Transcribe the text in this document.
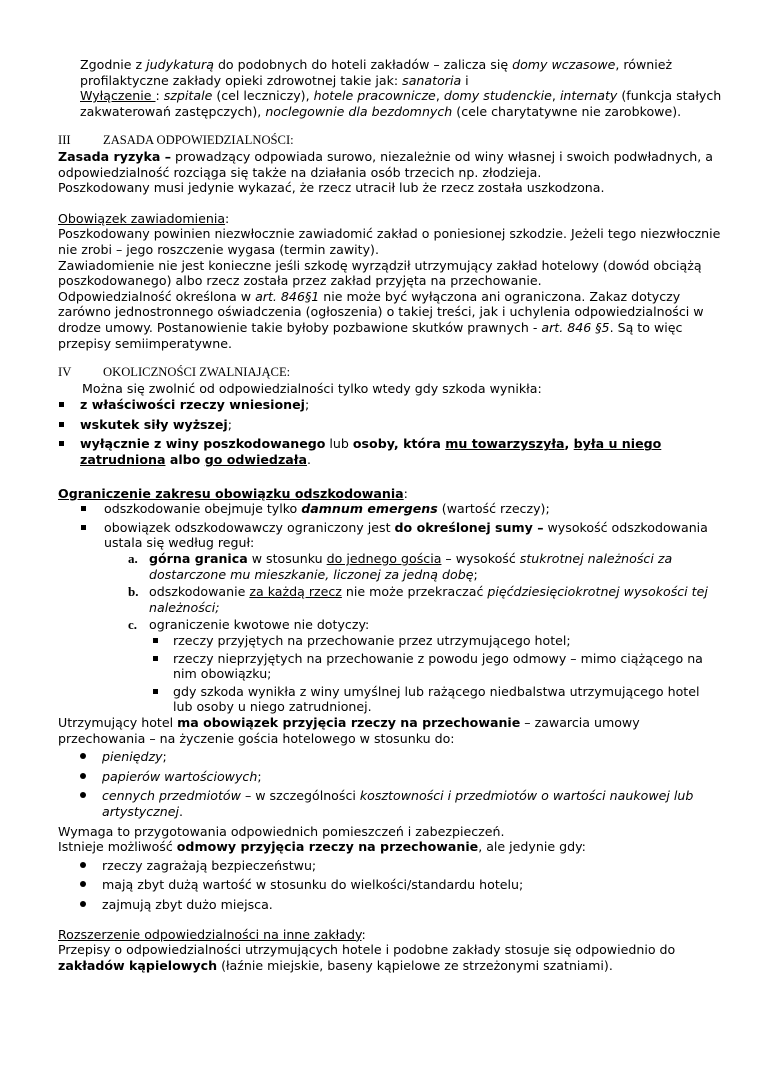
Zgodnie z judykaturą do podobnych do hoteli zakładów – zalicza się domy wczasowe, również profilaktyczne zakłady opieki zdrowotnej takie jak: sanatoria i

Wyłączenie : szpitale (cel leczniczy), hotele pracownicze, domy studenckie, internaty (funkcja stałych zakwaterowań zastępczych), noclegownie dla bezdomnych (cele charytatywne nie zarobkowe).

III	ZASADA ODPOWIEDZIALNOŚCI:

Zasada ryzyka – prowadzący odpowiada surowo, niezależnie od winy własnej i swoich podwładnych, a odpowiedzialność rozciąga się także na działania osób trzecich np. złodzieja.

Poszkodowany musi jedynie wykazać, że rzecz utracił lub że rzecz została uszkodzona.

Obowiązek zawiadomienia:

Poszkodowany powinien niezwłocznie zawiadomić zakład o poniesionej szkodzie. Jeżeli tego niezwłocznie nie zrobi – jego roszczenie wygasa (termin zawity).

Zawiadomienie nie jest konieczne jeśli szkodę wyrządził utrzymujący zakład hotelowy (dowód obciążą poszkodowanego) albo rzecz została przez zakład przyjęta na przechowanie.

Odpowiedzialność określona w art. 846§1 nie może być wyłączona ani ograniczona. Zakaz dotyczy zarówno jednostronnego oświadczenia (ogłoszenia) o takiej treści, jak i uchylenia odpowiedzialności w drodze umowy. Postanowienie takie byłoby pozbawione skutków prawnych - art. 846 §5. Są to więc przepisy semiimperatywne.

IV	OKOLICZNOŚCI ZWALNIAJĄCE:

Można się zwolnić od odpowiedzialności tylko wtedy gdy szkoda wynikła:

z właściwości rzeczy wniesionej;
wskutek siły wyższej;
wyłącznie z winy poszkodowanego lub osoby, która mu towarzyszyła, była u niego zatrudniona albo go odwiedzała.

Ograniczenie zakresu obowiązku odszkodowania:

odszkodowanie obejmuje tylko damnum emergens (wartość rzeczy);
obowiązek odszkodowawczy ograniczony jest do określonej sumy – wysokość odszkodowania ustala się według reguł:
a. górna granica w stosunku do jednego gościa – wysokość stukrotnej należności za dostarczone mu mieszkanie, liczonej za jedną dobę;
b. odszkodowanie za każdą rzecz nie może przekraczać pięćdziesięciokrotnej wysokości tej należności;
c. ograniczenie kwotowe nie dotyczy:
rzeczy przyjętych na przechowanie przez utrzymującego hotel;
rzeczy nieprzyjętych na przechowanie z powodu jego odmowy – mimo ciążącego na nim obowiązku;
gdy szkoda wynikła z winy umyślnej lub rażącego niedbalstwa utrzymującego hotel lub osoby u niego zatrudnionej.

Utrzymujący hotel ma obowiązek przyjęcia rzeczy na przechowanie – zawarcia umowy przechowania – na życzenie gościa hotelowego w stosunku do:

pieniędzy;
papierów wartościowych;
cennych przedmiotów – w szczególności kosztowności i przedmiotów o wartości naukowej lub artystycznej.

Wymaga to przygotowania odpowiednich pomieszczeń i zabezpieczeń.

Istnieje możliwość odmowy przyjęcia rzeczy na przechowanie, ale jedynie gdy:

rzeczy zagrażają bezpieczeństwu;
mają zbyt dużą wartość w stosunku do wielkości/standardu hotelu;
zajmują zbyt dużo miejsca.

Rozszerzenie odpowiedzialności na inne zakłady:

Przepisy o odpowiedzialności utrzymujących hotele i podobne zakłady stosuje się odpowiednio do zakładów kąpielowych (łaźnie miejskie, baseny kąpielowe ze strzeżonymi szatniami).
